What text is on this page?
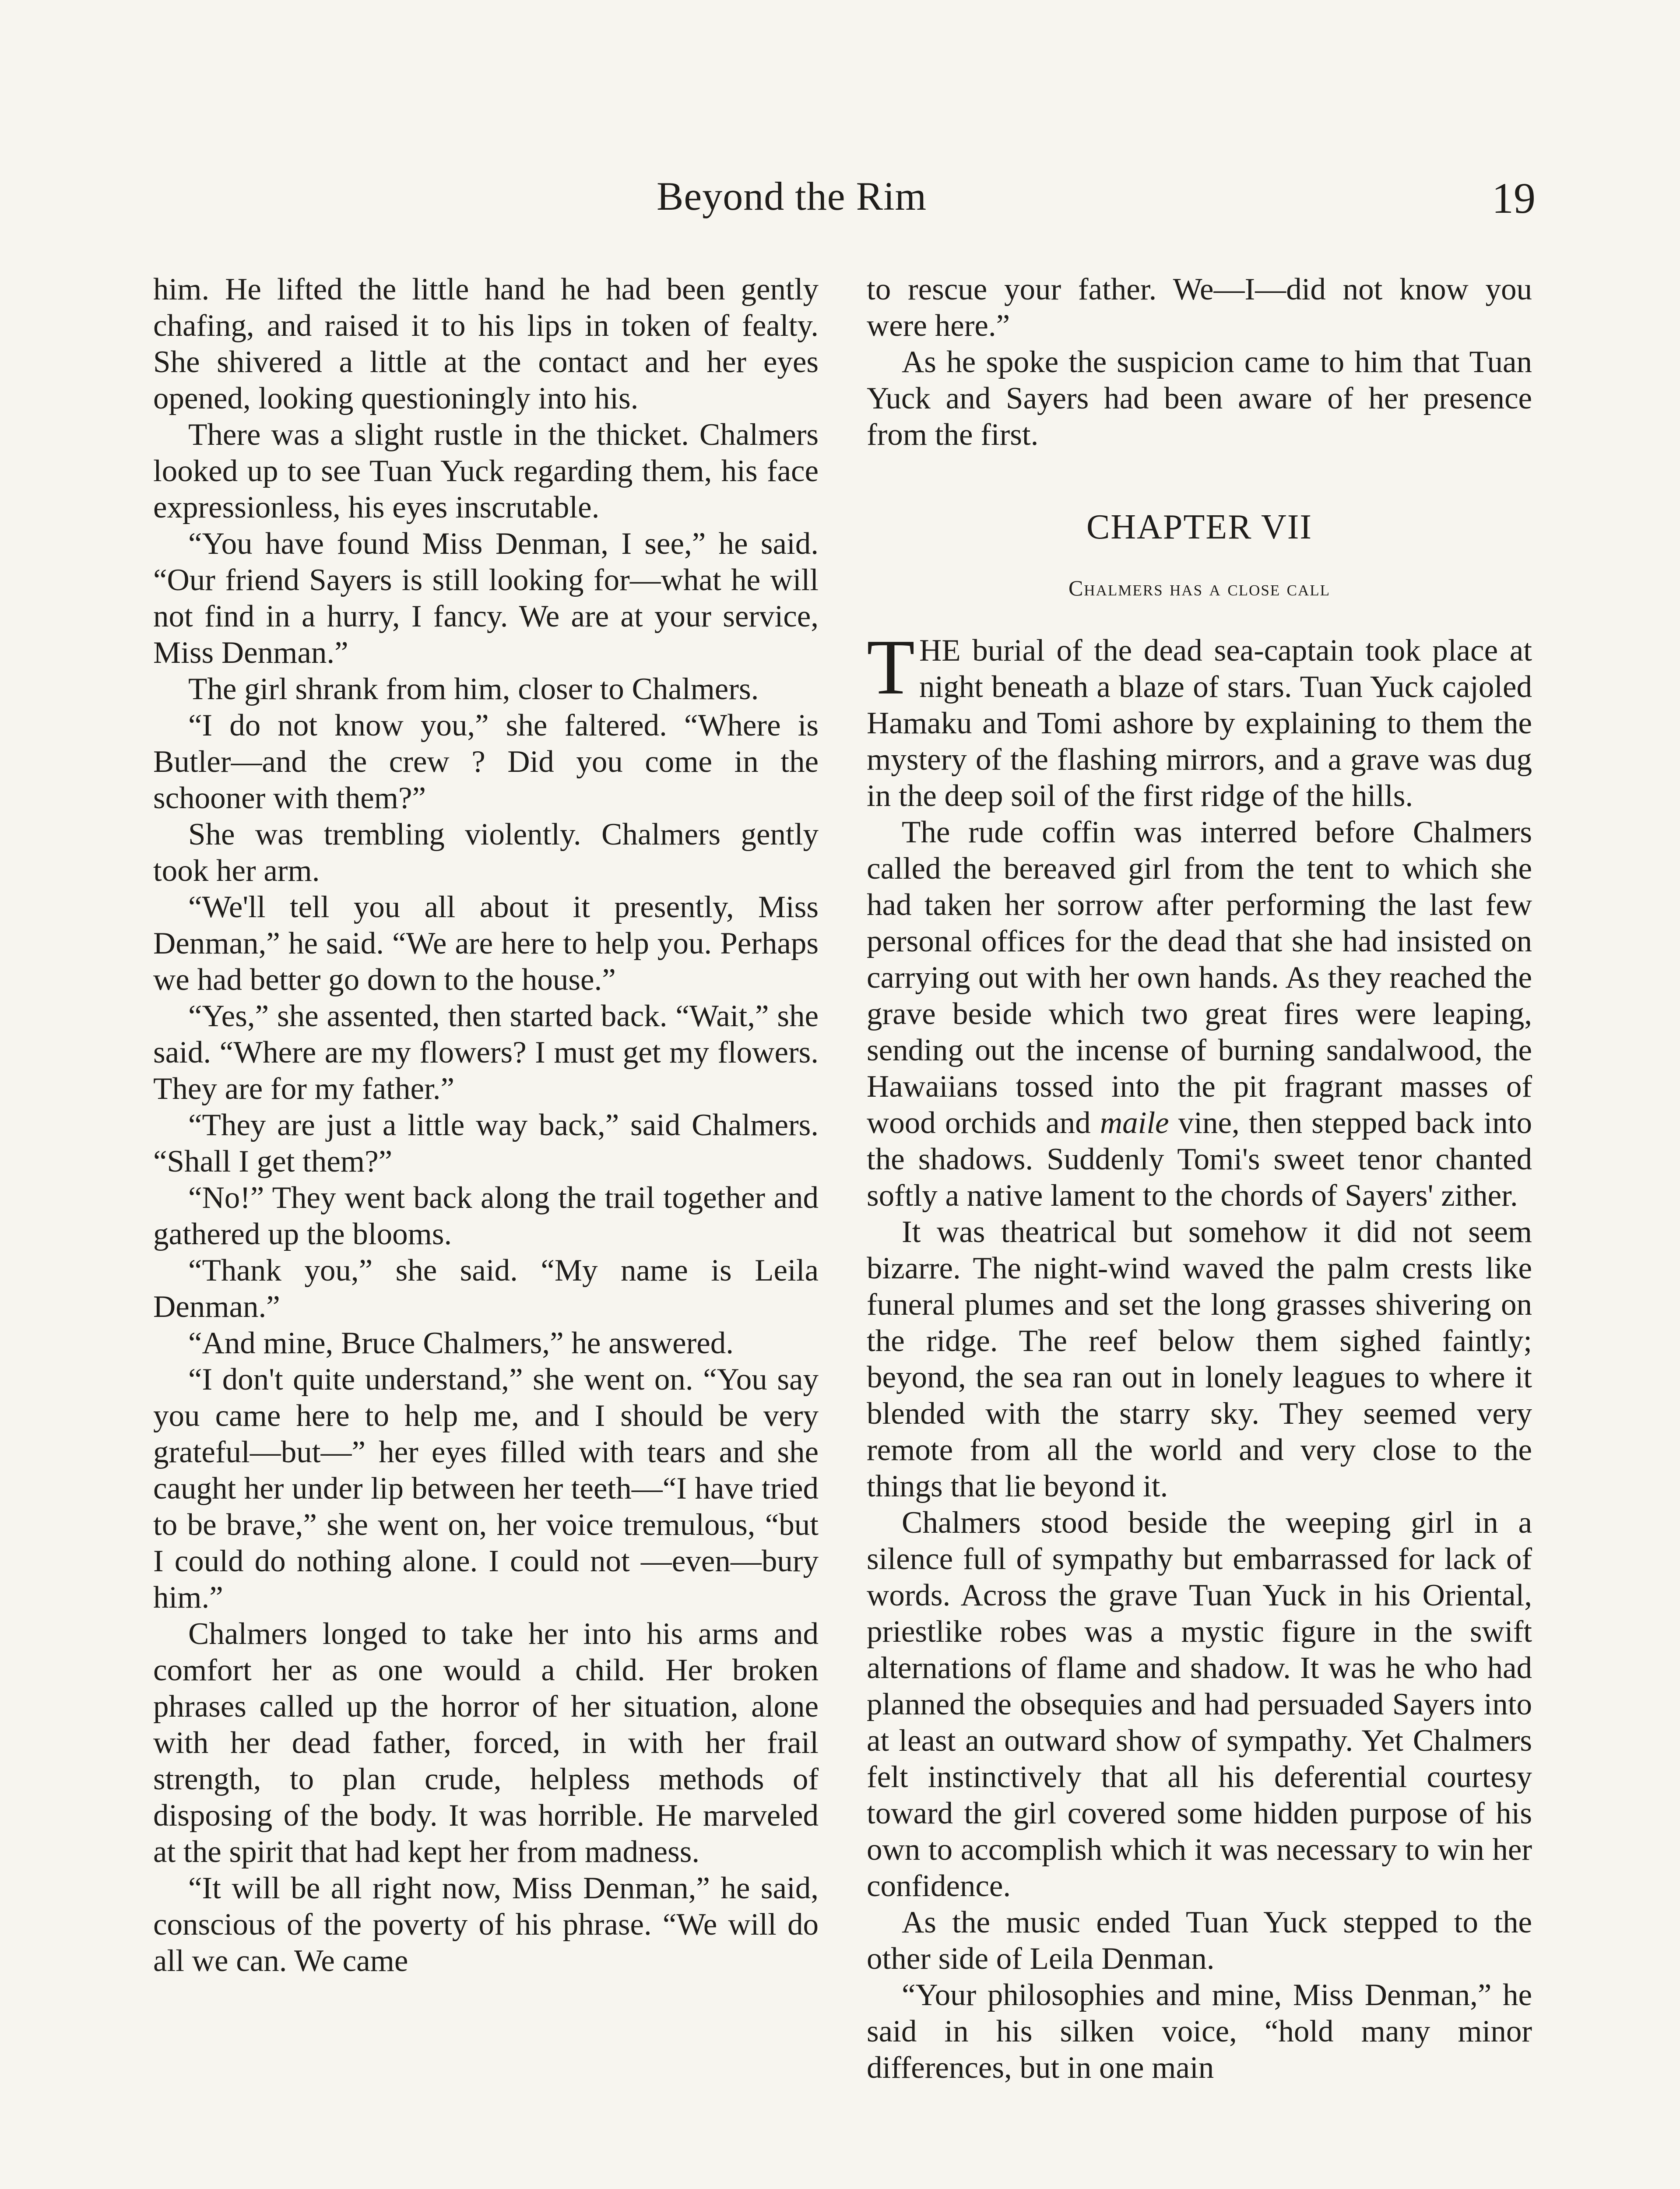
Beyond the Rim	19

him. He lifted the little hand he had been gently chafing, and raised it to his lips in token of fealty. She shivered a little at the contact and her eyes opened, looking questioningly into his.

There was a slight rustle in the thicket. Chalmers looked up to see Tuan Yuck regarding them, his face expressionless, his eyes inscrutable.

“You have found Miss Denman, I see,” he said. “Our friend Sayers is still looking for—what he will not find in a hurry, I fancy. We are at your service, Miss Denman.”

The girl shrank from him, closer to Chalmers.

“I do not know you,” she faltered. “Where is Butler—and the crew ? Did you come in the schooner with them?”

She was trembling violently. Chalmers gently took her arm.

“We'll tell you all about it presently, Miss Denman,” he said. “We are here to help you. Perhaps we had better go down to the house.”

“Yes,” she assented, then started back. “Wait,” she said. “Where are my flowers? I must get my flowers. They are for my father.”

“They are just a little way back,” said Chalmers. “Shall I get them?”

“No!” They went back along the trail together and gathered up the blooms.

“Thank you,” she said. “My name is Leila Denman.”

“And mine, Bruce Chalmers,” he answered.

“I don't quite understand,” she went on. “You say you came here to help me, and I should be very grateful—but—” her eyes filled with tears and she caught her under lip between her teeth—“I have tried to be brave,” she went on, her voice tremulous, “but I could do nothing alone. I could not —even—bury him.”

Chalmers longed to take her into his arms and comfort her as one would a child. Her broken phrases called up the horror of her situation, alone with her dead father, forced, in with her frail strength, to plan crude, helpless methods of disposing of the body. It was horrible. He marveled at the spirit that had kept her from madness.

“It will be all right now, Miss Denman,” he said, conscious of the poverty of his phrase. “We will do all we can. We came

to rescue your father. We—I—did not know you were here.”

As he spoke the suspicion came to him that Tuan Yuck and Sayers had been aware of her presence from the first.

CHAPTER VII
Chalmers has a close call

THE burial of the dead sea-captain took place at night beneath a blaze of stars. Tuan Yuck cajoled Hamaku and Tomi ashore by explaining to them the mystery of the flashing mirrors, and a grave was dug in the deep soil of the first ridge of the hills.

The rude coffin was interred before Chalmers called the bereaved girl from the tent to which she had taken her sorrow after performing the last few personal offices for the dead that she had insisted on carrying out with her own hands. As they reached the grave beside which two great fires were leaping, sending out the incense of burning sandalwood, the Hawaiians tossed into the pit fragrant masses of wood orchids and maile vine, then stepped back into the shadows. Suddenly Tomi's sweet tenor chanted softly a native lament to the chords of Sayers' zither.

It was theatrical but somehow it did not seem bizarre. The night-wind waved the palm crests like funeral plumes and set the long grasses shivering on the ridge. The reef below them sighed faintly; beyond, the sea ran out in lonely leagues to where it blended with the starry sky. They seemed very remote from all the world and very close to the things that lie beyond it.

Chalmers stood beside the weeping girl in a silence full of sympathy but embarrassed for lack of words. Across the grave Tuan Yuck in his Oriental, priestlike robes was a mystic figure in the swift alternations of flame and shadow. It was he who had planned the obsequies and had persuaded Sayers into at least an outward show of sympathy. Yet Chalmers felt instinctively that all his deferential courtesy toward the girl covered some hidden purpose of his own to accomplish which it was necessary to win her confidence.

As the music ended Tuan Yuck stepped to the other side of Leila Denman.

“Your philosophies and mine, Miss Denman,” he said in his silken voice, “hold many minor differences, but in one main
